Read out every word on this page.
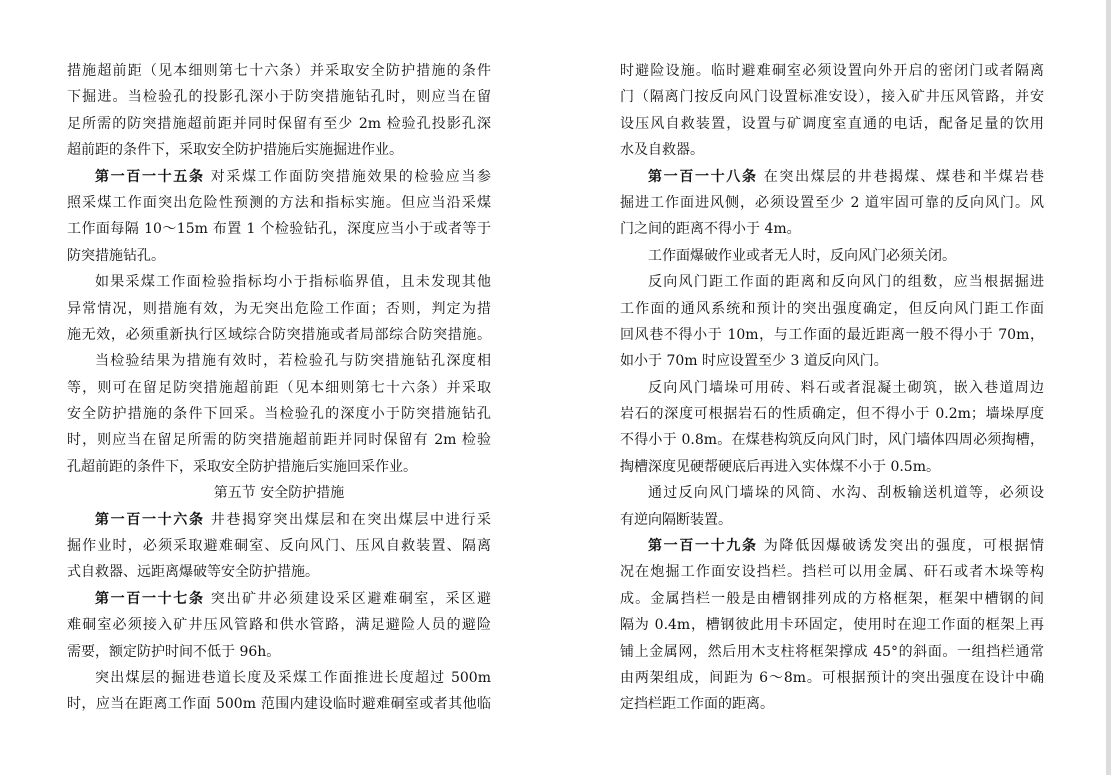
措施超前距（见本细则第七十六条）并采取安全防护措施的条件
下掘进。当检验孔的投影孔深小于防突措施钻孔时，则应当在留
足所需的防突措施超前距并同时保留有至少 2m 检验孔投影孔深
超前距的条件下，采取安全防护措施后实施掘进作业。
第一百一十五条 对采煤工作面防突措施效果的检验应当参
照采煤工作面突出危险性预测的方法和指标实施。但应当沿采煤
工作面每隔 10～15m 布置 1 个检验钻孔，深度应当小于或者等于
防突措施钻孔。
如果采煤工作面检验指标均小于指标临界值，且未发现其他
异常情况，则措施有效，为无突出危险工作面；否则，判定为措
施无效，必须重新执行区域综合防突措施或者局部综合防突措施。
当检验结果为措施有效时，若检验孔与防突措施钻孔深度相
等，则可在留足防突措施超前距（见本细则第七十六条）并采取
安全防护措施的条件下回采。当检验孔的深度小于防突措施钻孔
时，则应当在留足所需的防突措施超前距并同时保留有 2m 检验
孔超前距的条件下，采取安全防护措施后实施回采作业。
第五节 安全防护措施
第一百一十六条 井巷揭穿突出煤层和在突出煤层中进行采
掘作业时，必须采取避难硐室、反向风门、压风自救装置、隔离
式自救器、远距离爆破等安全防护措施。
第一百一十七条 突出矿井必须建设采区避难硐室，采区避
难硐室必须接入矿井压风管路和供水管路，满足避险人员的避险
需要，额定防护时间不低于 96h。
突出煤层的掘进巷道长度及采煤工作面推进长度超过 500m
时，应当在距离工作面 500m 范围内建设临时避难硐室或者其他临
时避险设施。临时避难硐室必须设置向外开启的密闭门或者隔离
门（隔离门按反向风门设置标准安设），接入矿井压风管路，并安
设压风自救装置，设置与矿调度室直通的电话，配备足量的饮用
水及自救器。
第一百一十八条 在突出煤层的井巷揭煤、煤巷和半煤岩巷
掘进工作面进风侧，必须设置至少 2 道牢固可靠的反向风门。风
门之间的距离不得小于 4m。
工作面爆破作业或者无人时，反向风门必须关闭。
反向风门距工作面的距离和反向风门的组数，应当根据掘进
工作面的通风系统和预计的突出强度确定，但反向风门距工作面
回风巷不得小于 10m，与工作面的最近距离一般不得小于 70m，
如小于 70m 时应设置至少 3 道反向风门。
反向风门墙垛可用砖、料石或者混凝土砌筑，嵌入巷道周边
岩石的深度可根据岩石的性质确定，但不得小于 0.2m；墙垛厚度
不得小于 0.8m。在煤巷构筑反向风门时，风门墙体四周必须掏槽，
掏槽深度见硬帮硬底后再进入实体煤不小于 0.5m。
通过反向风门墙垛的风筒、水沟、刮板输送机道等，必须设
有逆向隔断装置。
第一百一十九条 为降低因爆破诱发突出的强度，可根据情
况在炮掘工作面安设挡栏。挡栏可以用金属、矸石或者木垛等构
成。金属挡栏一般是由槽钢排列成的方格框架，框架中槽钢的间
隔为 0.4m，槽钢彼此用卡环固定，使用时在迎工作面的框架上再
铺上金属网，然后用木支柱将框架撑成 45°的斜面。一组挡栏通常
由两架组成，间距为 6～8m。可根据预计的突出强度在设计中确
定挡栏距工作面的距离。
